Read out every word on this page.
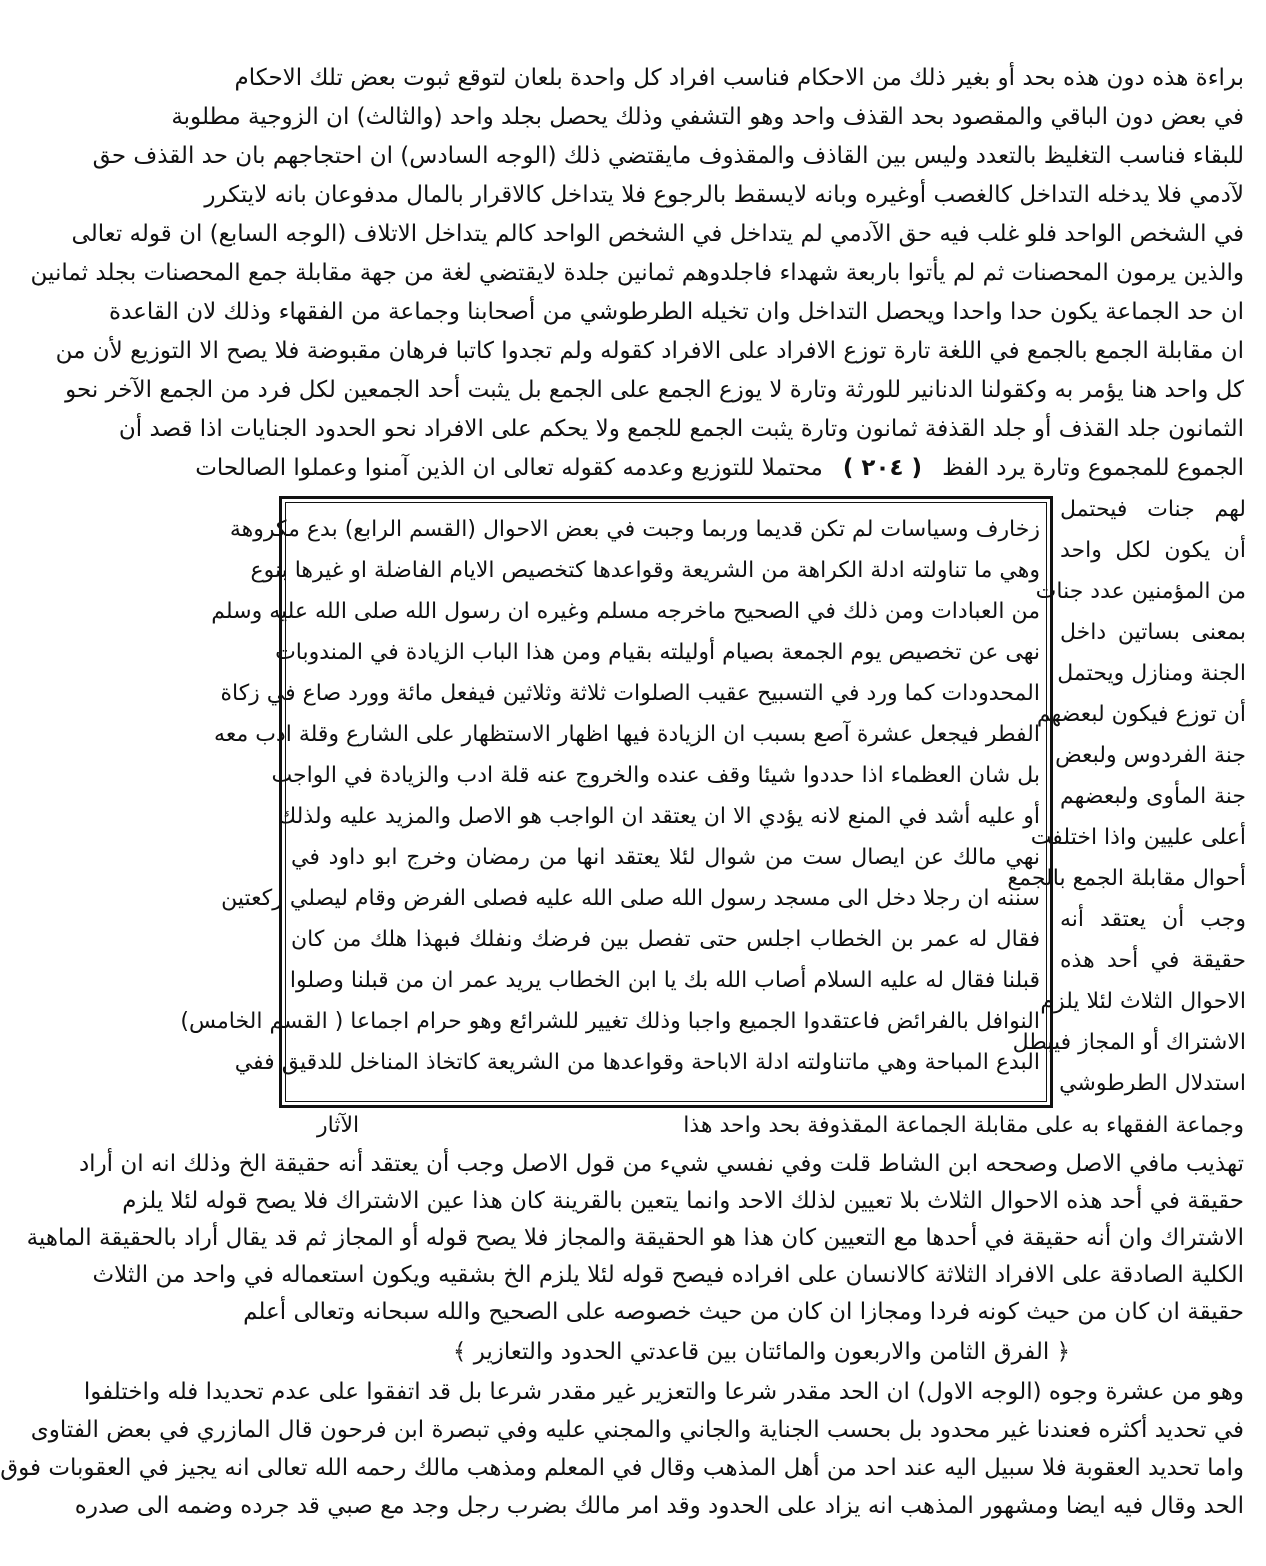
براءة هذه دون هذه بحد أو بغير ذلك من الاحكام فناسب افراد كل واحدة بلعان لتوقع ثبوت بعض تلك الاحكام
في بعض دون الباقي والمقصود بحد القذف واحد وهو التشفي وذلك يحصل بجلد واحد (والثالث) ان الزوجية مطلوبة
للبقاء فناسب التغليظ بالتعدد وليس بين القاذف والمقذوف مايقتضي ذلك (الوجه السادس) ان احتجاجهم بان حد القذف حق
لآدمي فلا يدخله التداخل كالغصب أوغيره وبانه لايسقط بالرجوع فلا يتداخل كالاقرار بالمال مدفوعان بانه لايتكرر
في الشخص الواحد فلو غلب فيه حق الآدمي لم يتداخل في الشخص الواحد كالم يتداخل الاتلاف (الوجه السابع) ان قوله تعالى
والذين يرمون المحصنات ثم لم يأتوا باربعة شهداء فاجلدوهم ثمانين جلدة لايقتضي لغة من جهة مقابلة جمع المحصنات بجلد ثمانين
ان حد الجماعة يكون حدا واحدا ويحصل التداخل وان تخيله الطرطوشي من أصحابنا وجماعة من الفقهاء وذلك لان القاعدة
ان مقابلة الجمع بالجمع في اللغة تارة توزع الافراد على الافراد كقوله ولم تجدوا كاتبا فرهان مقبوضة فلا يصح الا التوزيع لأن من
كل واحد هنا يؤمر به وكقولنا الدنانير للورثة وتارة لا يوزع الجمع على الجمع بل يثبت أحد الجمعين لكل فرد من الجمع الآخر نحو
الثمانون جلد القذف أو جلد القذفة ثمانون وتارة يثبت الجمع للجمع ولا يحكم على الافراد نحو الحدود الجنايات اذا قصد أن
الجموع للمجموع وتارة يرد الفظ
( ٢٠٤ )
محتملا للتوزيع وعدمه كقوله تعالى ان الذين آمنوا وعملوا الصالحات
زخارف وسياسات لم تكن قديما وربما وجبت في بعض الاحوال (القسم الرابع) بدع مكروهة
وهي ما تناولته ادلة الكراهة من الشريعة وقواعدها كتخصيص الايام الفاضلة او غيرها بنوع
من العبادات ومن ذلك في الصحيح ماخرجه مسلم وغيره ان رسول الله صلى الله عليه وسلم
نهى عن تخصيص يوم الجمعة بصيام أوليلته بقيام ومن هذا الباب الزيادة في المندوبات
المحدودات كما ورد في التسبيح عقيب الصلوات ثلاثة وثلاثين فيفعل مائة وورد صاع في زكاة
الفطر فيجعل عشرة آصع بسبب ان الزيادة فيها اظهار الاستظهار على الشارع وقلة ادب معه
بل شان العظماء اذا حددوا شيئا وقف عنده والخروج عنه قلة ادب والزيادة في الواجب
أو عليه أشد في المنع لانه يؤدي الا ان يعتقد ان الواجب هو الاصل والمزيد عليه ولذلك
نهي مالك عن ايصال ست من شوال لئلا يعتقد انها من رمضان وخرج ابو داود في
سننه ان رجلا دخل الى مسجد رسول الله صلى الله عليه فصلى الفرض وقام ليصلي ركعتين
فقال له عمر بن الخطاب اجلس حتى تفصل بين فرضك ونفلك فبهذا هلك من كان
قبلنا فقال له عليه السلام أصاب الله بك يا ابن الخطاب يريد عمر ان من قبلنا وصلوا
النوافل بالفرائض فاعتقدوا الجميع واجبا وذلك تغيير للشرائع وهو حرام اجماعا ( القسم الخامس)
البدع المباحة وهي ماتناولته ادلة الاباحة وقواعدها من الشريعة كاتخاذ المناخل للدقيق ففي
لهم جنات فيحتمل
أن يكون لكل واحد
من المؤمنين عدد جنات
بمعنى بساتين داخل
الجنة ومنازل ويحتمل
أن توزع فيكون لبعضهم
جنة الفردوس ولبعض
جنة المأوى ولبعضهم
أعلى عليين واذا اختلفت
أحوال مقابلة الجمع بالجمع
وجب أن يعتقد أنه
حقيقة في أحد هذه
الاحوال الثلاث لئلا يلزم
الاشتراك أو المجاز فيبطل
استدلال الطرطوشي
وجماعة الفقهاء به على مقابلة الجماعة المقذوفة بحد واحد هذا
الآثار
تهذيب مافي الاصل وصححه ابن الشاط قلت وفي نفسي شيء من قول الاصل وجب أن يعتقد أنه حقيقة الخ وذلك انه ان أراد
حقيقة في أحد هذه الاحوال الثلاث بلا تعيين لذلك الاحد وانما يتعين بالقرينة كان هذا عين الاشتراك فلا يصح قوله لئلا يلزم
الاشتراك وان أنه حقيقة في أحدها مع التعيين كان هذا هو الحقيقة والمجاز فلا يصح قوله أو المجاز ثم قد يقال أراد بالحقيقة الماهية
الكلية الصادقة على الافراد الثلاثة كالانسان على افراده فيصح قوله لئلا يلزم الخ بشقيه ويكون استعماله في واحد من الثلاث
حقيقة ان كان من حيث كونه فردا ومجازا ان كان من حيث خصوصه على الصحيح والله سبحانه وتعالى أعلم
﴿ الفرق الثامن والاربعون والمائتان بين قاعدتي الحدود والتعازير ﴾
وهو من عشرة وجوه (الوجه الاول) ان الحد مقدر شرعا والتعزير غير مقدر شرعا بل قد اتفقوا على عدم تحديدا فله واختلفوا
في تحديد أكثره فعندنا غير محدود بل بحسب الجناية والجاني والمجني عليه وفي تبصرة ابن فرحون قال المازري في بعض الفتاوى
واما تحديد العقوبة فلا سبيل اليه عند احد من أهل المذهب وقال في المعلم ومذهب مالك رحمه الله تعالى انه يجيز في العقوبات فوق
الحد وقال فيه ايضا ومشهور المذهب انه يزاد على الحدود وقد امر مالك بضرب رجل وجد مع صبي قد جرده وضمه الى صدره
